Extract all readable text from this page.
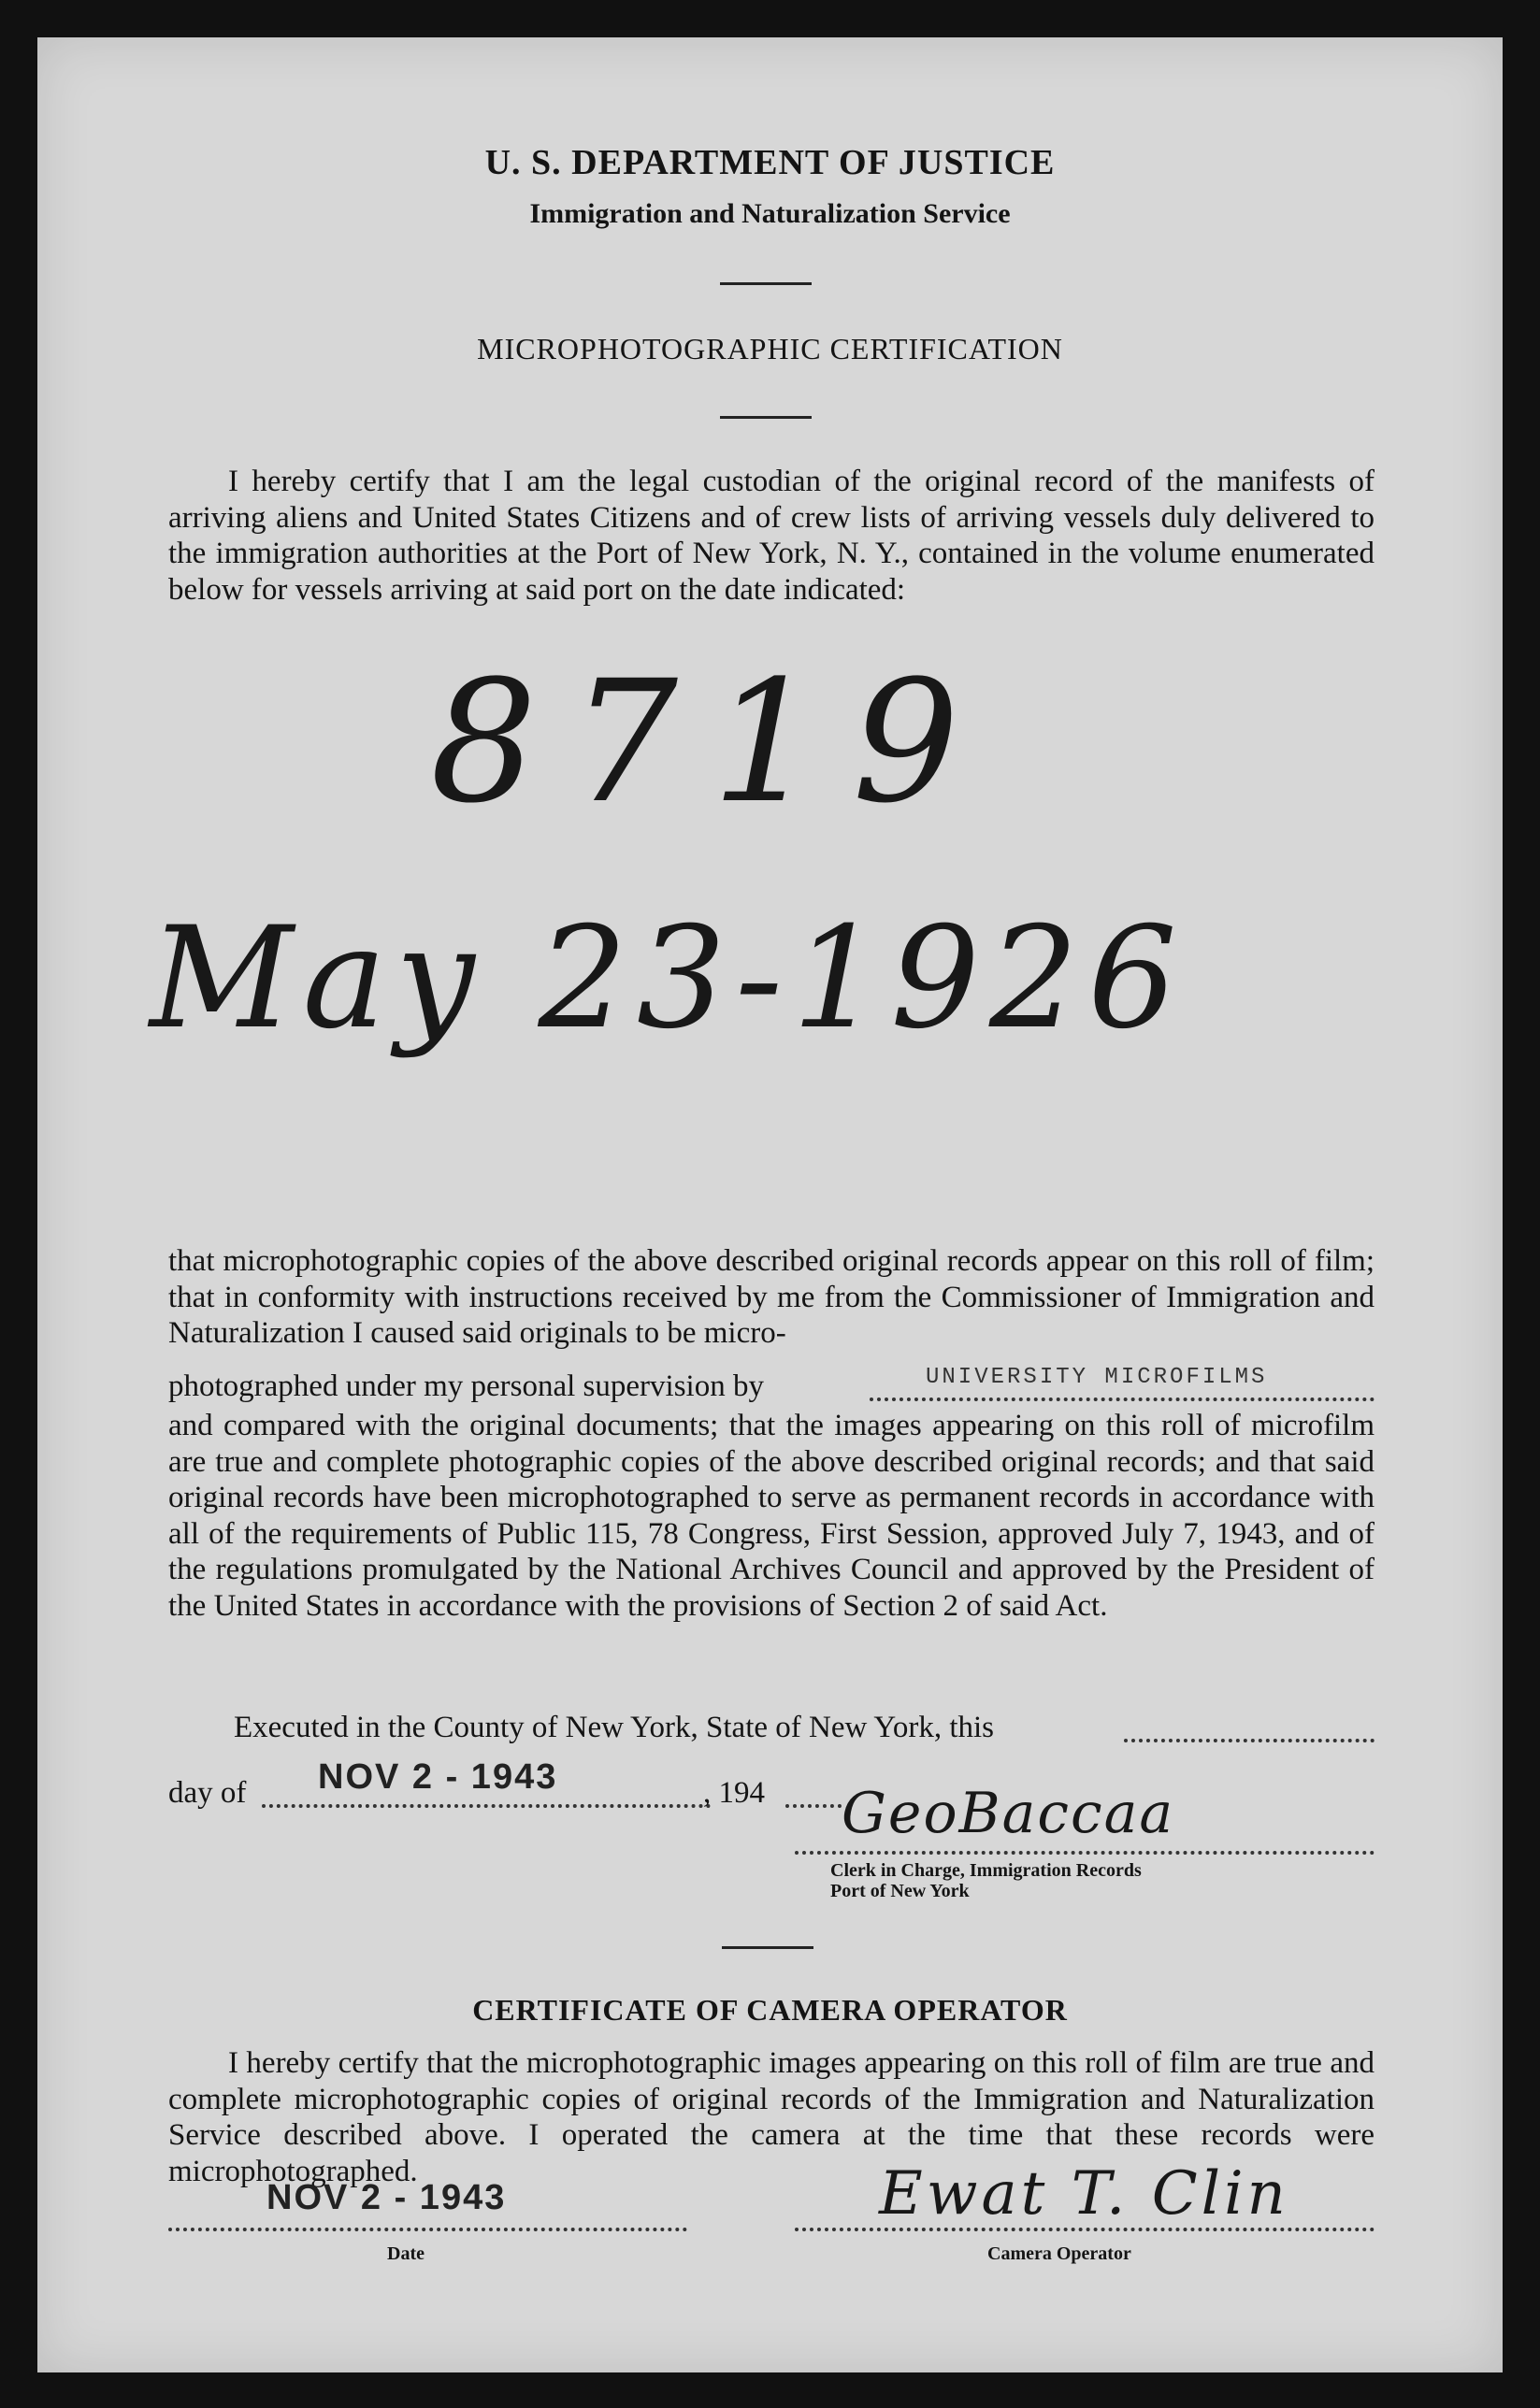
U. S. DEPARTMENT OF JUSTICE
Immigration and Naturalization Service
MICROPHOTOGRAPHIC CERTIFICATION
I hereby certify that I am the legal custodian of the original record of the manifests of arriving aliens and United States Citizens and of crew lists of arriving vessels duly delivered to the immigration authorities at the Port of New York, N. Y., contained in the volume enumerated below for vessels arriving at said port on the date indicated:
8719
May 23-1926
that microphotographic copies of the above described original records appear on this roll of film; that in conformity with instructions received by me from the Commissioner of Immigration and Naturalization I caused said originals to be micro-
photographed under my personal supervision by	UNIVERSITY MICROFILMS
and compared with the original documents; that the images appearing on this roll of microfilm are true and complete photographic copies of the above described original records; and that said original records have been microphotographed to serve as permanent records in accordance with all of the requirements of Public 115, 78 Congress, First Session, approved July 7, 1943, and of the regulations promulgated by the National Archives Council and approved by the President of the United States in accordance with the provisions of Section 2 of said Act.
Executed in the County of New York, State of New York, this
day of NOV 2 - 1943	, 194 GeoBaccaa
Clerk in Charge, Immigration Records
Port of New York
CERTIFICATE OF CAMERA OPERATOR
I hereby certify that the microphotographic images appearing on this roll of film are true and complete microphotographic copies of original records of the Immigration and Naturalization Service described above. I operated the camera at the time that these records were microphotographed.
NOV 2 - 1943
Date
Ewat T. Clin
Camera Operator
